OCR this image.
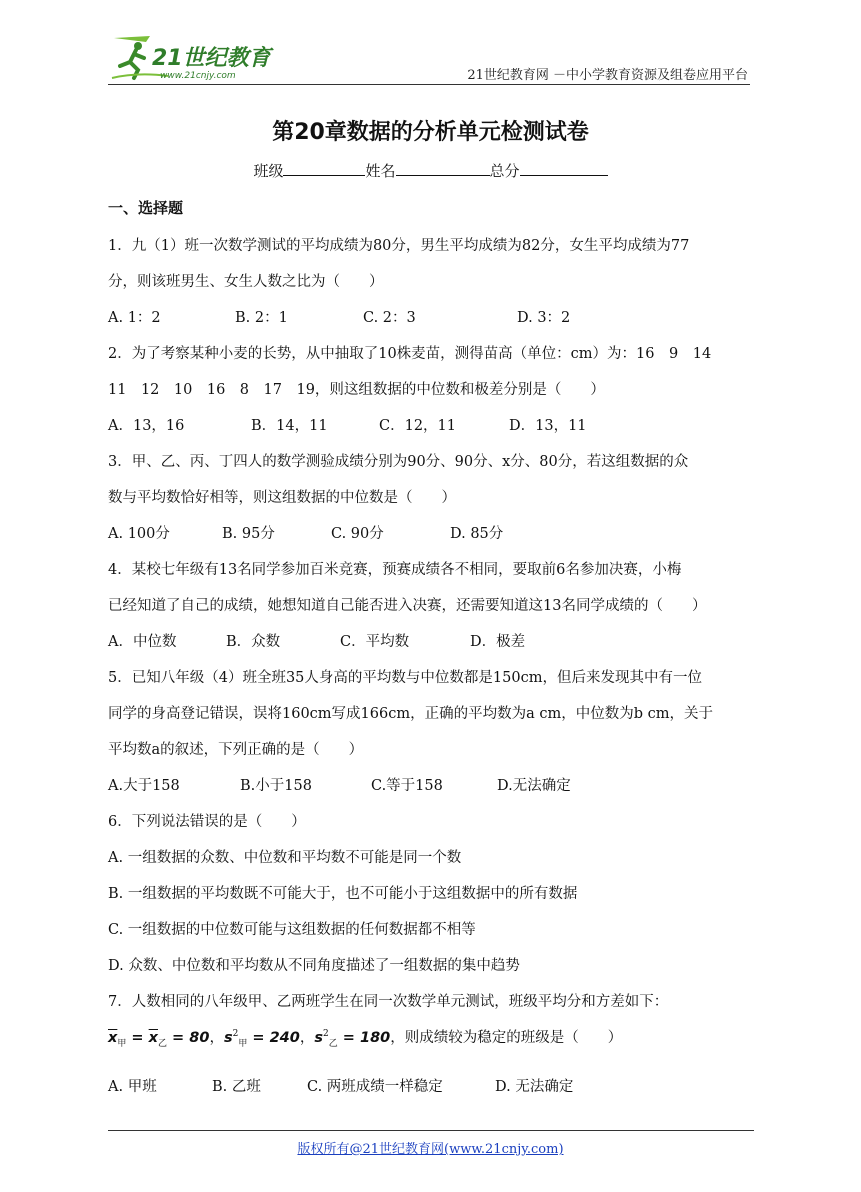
21世纪教育
www.21cnjy.com	21世纪教育网 －中小学教育资源及组卷应用平台
第20章数据的分析单元检测试卷
班级	姓名	总分
一、选择题
1．九（1）班一次数学测试的平均成绩为80分，男生平均成绩为82分，女生平均成绩为77
分，则该班男生、女生人数之比为（　　）
A. 1：2	B. 2：1	C. 2：3	D. 3：2
2．为了考察某种小麦的长势，从中抽取了10株麦苗，测得苗高（单位：cm）为：16　9　14
11　12　10　16　8　17　19，则这组数据的中位数和极差分别是（　　）
A．13，16	B．14，11	C．12，11	D．13，11
3．甲、乙、丙、丁四人的数学测验成绩分别为90分、90分、x分、80分，若这组数据的众
数与平均数恰好相等，则这组数据的中位数是（　　）
A. 100分	B. 95分	C. 90分	D. 85分
4．某校七年级有13名同学参加百米竞赛，预赛成绩各不相同，要取前6名参加决赛，小梅
已经知道了自己的成绩，她想知道自己能否进入决赛，还需要知道这13名同学成绩的（　　）
A．中位数	B．众数	C．平均数	D．极差
5．已知八年级（4）班全班35人身高的平均数与中位数都是150cm，但后来发现其中有一位
同学的身高登记错误，误将160cm写成166cm，正确的平均数为a cm，中位数为b cm，关于
平均数a的叙述，下列正确的是（　　）
A.大于158	B.小于158	C.等于158	D.无法确定
6．下列说法错误的是（　　）
A. 一组数据的众数、中位数和平均数不可能是同一个数
B. 一组数据的平均数既不可能大于，也不可能小于这组数据中的所有数据
C. 一组数据的中位数可能与这组数据的任何数据都不相等
D. 众数、中位数和平均数从不同角度描述了一组数据的集中趋势
7．人数相同的八年级甲、乙两班学生在同一次数学单元测试，班级平均分和方差如下：
$\overline{x}_甲 = \overline{x}_乙 = 80$，$s^2_甲 = 240$，$s^2_乙 = 180$，则成绩较为稳定的班级是（　　）
A. 甲班	B. 乙班	C. 两班成绩一样稳定	D. 无法确定
版权所有@21世纪教育网(www.21cnjy.com)
